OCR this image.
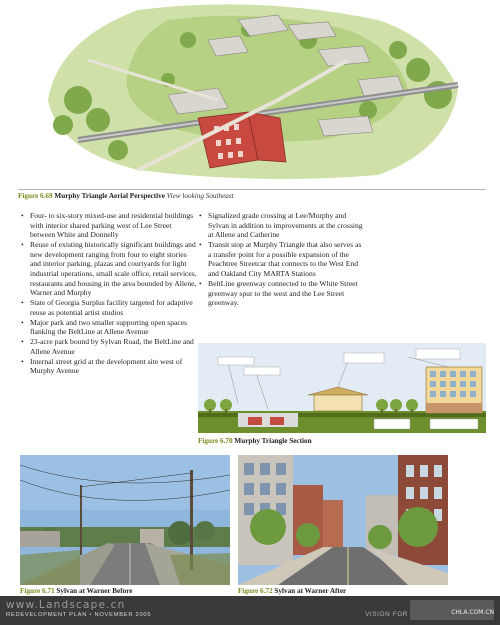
Figure 6.69 Murphy Triangle Aerial Perspective View looking Southeast
• Four- to six-story mixed-use and residential buildings with interior shared parking west of Lee Street between White and Donnelly
• Reuse of existing historically significant buildings and new development ranging from four to eight stories and interior parking, plazas and courtyards for light industrial operations, small scale office, retail services, restaurants and housing in the area bounded by Allene, Warner and Murphy
• State of Georgia Surplus facility targeted for adaptive reuse as potential artist studios
• Major park and two smaller supporting open spaces flanking the BeltLine at Allene Avenue
• 23-acre park bound by Sylvan Road, the BeltLine and Allene Avenue
• Internal street grid at the development site west of Murphy Avenue
• Signalized grade crossing at Lee/Murphy and Sylvan in addition to improvements at the crossing at Allene and Catherine
• Transit stop at Murphy Triangle that also serves as a transfer point for a possible expansion of the Peachtree Streetcar that connects to the West End and Oakland City MARTA Stations
• BeltLine greenway connected to the White Street greenway spur to the west and the Lee Street greenway.
Figure 6.70 Murphy Triangle Section
Figure 6.71 Sylvan at Warner Before	Figure 6.72 Sylvan at Warner After
www.Landscape.cn
REDEVELOPMENT PLAN • NOVEMBER 2005	VISION FOR	CHLA.COM.CN
